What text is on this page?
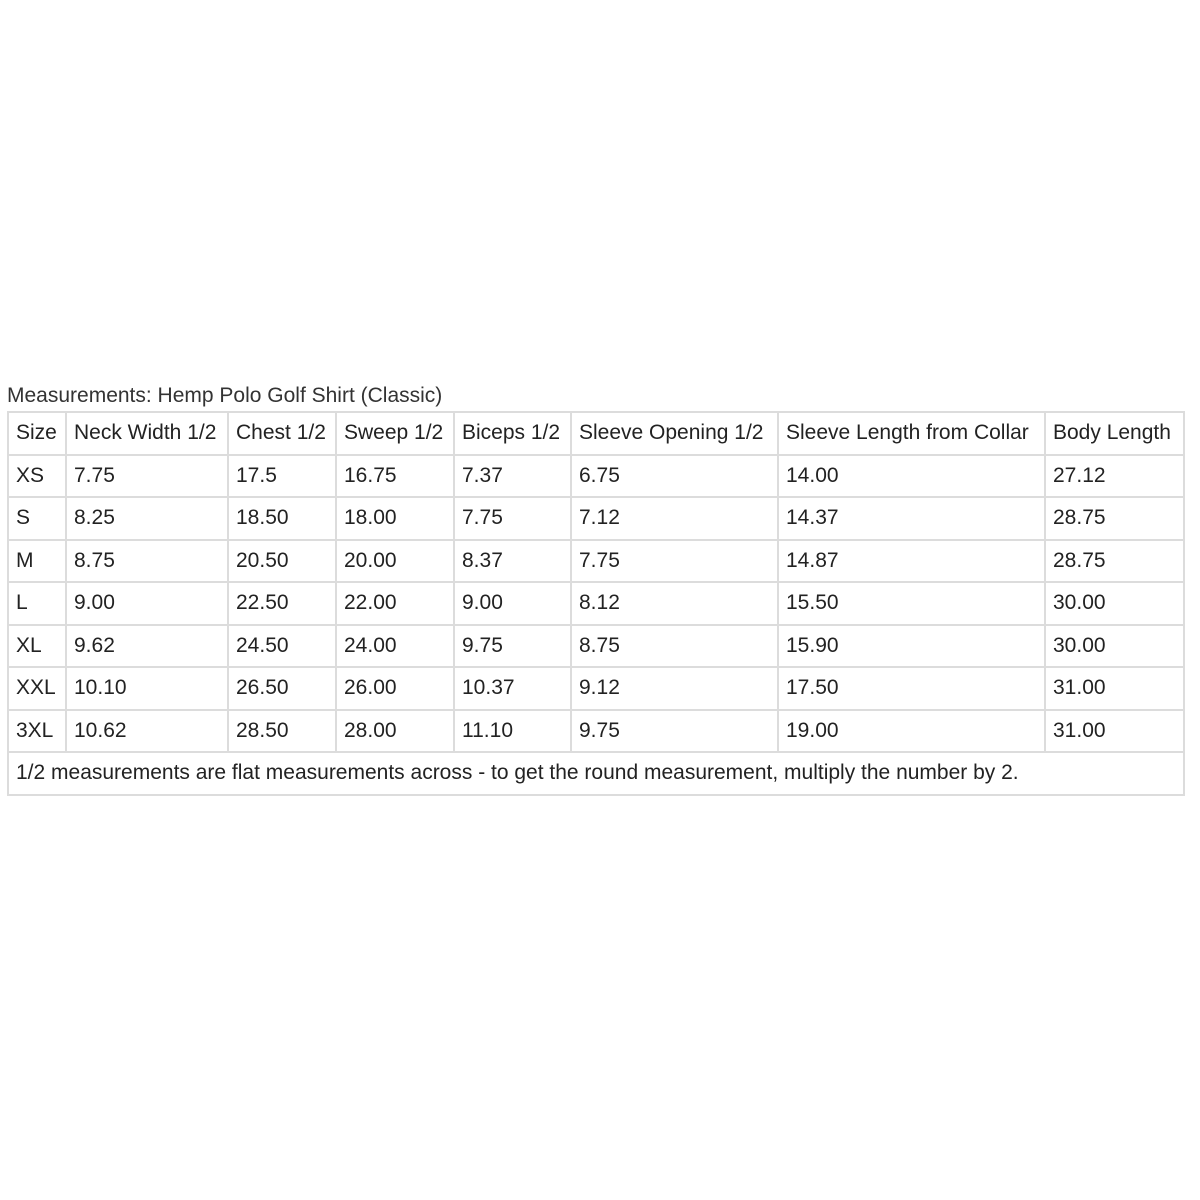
Measurements: Hemp Polo Golf Shirt (Classic)
Size	Neck Width 1/2	Chest 1/2	Sweep 1/2	Biceps 1/2	Sleeve Opening 1/2	Sleeve Length from Collar	Body Length
XS	7.75	17.5	16.75	7.37	6.75	14.00	27.12
S	8.25	18.50	18.00	7.75	7.12	14.37	28.75
M	8.75	20.50	20.00	8.37	7.75	14.87	28.75
L	9.00	22.50	22.00	9.00	8.12	15.50	30.00
XL	9.62	24.50	24.00	9.75	8.75	15.90	30.00
XXL	10.10	26.50	26.00	10.37	9.12	17.50	31.00
3XL	10.62	28.50	28.00	11.10	9.75	19.00	31.00
1/2 measurements are flat measurements across - to get the round measurement, multiply the number by 2.							
